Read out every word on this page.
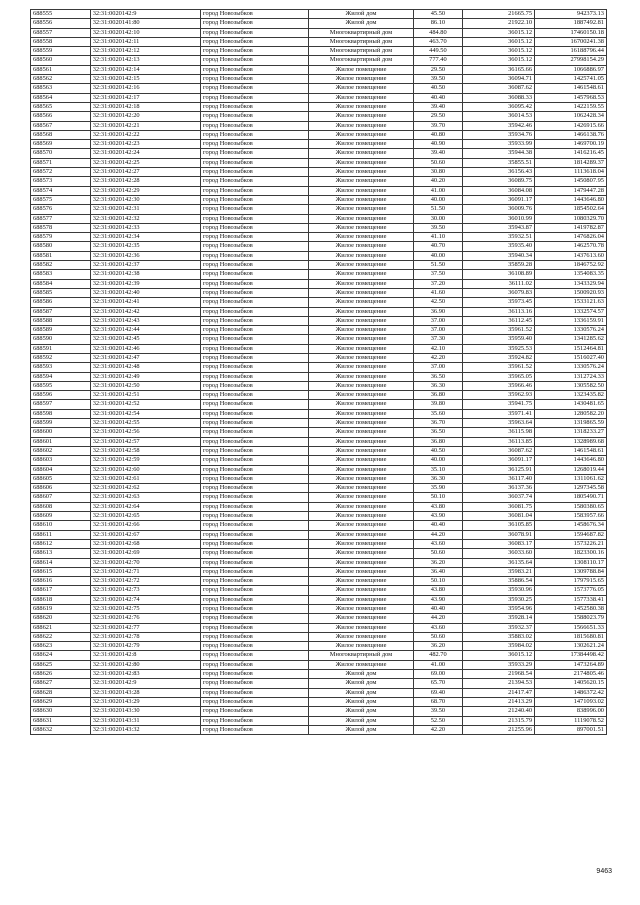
688555	32:31:0020142:9	город Новозыбков	Жилой дом	45.50	21665.75	942373.13
688556	32:31:0020141:80	город Новозыбков	Жилой дом	86.10	21922.10	1887492.81
688557	32:31:0020142:10	город Новозыбков	Многоквартирный дом	484.80	36015.12	17460150.18
688558	32:31:0020142:11	город Новозыбков	Многоквартирный дом	463.70	36015.12	16700241.38
688559	32:31:0020142:12	город Новозыбков	Многоквартирный дом	449.50	36015.12	16188796.44
688560	32:31:0020142:13	город Новозыбков	Многоквартирный дом	777.40	36015.12	27998154.29
688561	32:31:0020142:14	город Новозыбков	Жилое помещение	29.50	36165.66	1066886.97
688562	32:31:0020142:15	город Новозыбков	Жилое помещение	39.50	36094.71	1425741.05
688563	32:31:0020142:16	город Новозыбков	Жилое помещение	40.50	36087.62	1461548.61
688564	32:31:0020142:17	город Новозыбков	Жилое помещение	40.40	36088.33	1457968.53
688565	32:31:0020142:18	город Новозыбков	Жилое помещение	39.40	36095.42	1422159.55
688566	32:31:0020142:20	город Новозыбков	Жилое помещение	29.50	36014.53	1062428.34
688567	32:31:0020142:21	город Новозыбков	Жилое помещение	39.70	35942.46	1426915.66
688568	32:31:0020142:22	город Новозыбков	Жилое помещение	40.80	35934.76	1466138.76
688569	32:31:0020142:23	город Новозыбков	Жилое помещение	40.90	35933.99	1469700.19
688570	32:31:0020142:24	город Новозыбков	Жилое помещение	39.40	35944.38	1416216.45
688571	32:31:0020142:25	город Новозыбков	Жилое помещение	50.60	35855.51	1814289.37
688572	32:31:0020142:27	город Новозыбков	Жилое помещение	30.80	36156.43	1113618.04
688573	32:31:0020142:28	город Новозыбков	Жилое помещение	40.20	36089.75	1450807.95
688574	32:31:0020142:29	город Новозыбков	Жилое помещение	41.00	36084.08	1479447.28
688575	32:31:0020142:30	город Новозыбков	Жилое помещение	40.00	36091.17	1443646.80
688576	32:31:0020142:31	город Новозыбков	Жилое помещение	51.50	36009.76	1854502.64
688577	32:31:0020142:32	город Новозыбков	Жилое помещение	30.00	36010.99	1080329.70
688578	32:31:0020142:33	город Новозыбков	Жилое помещение	39.50	35943.87	1419782.87
688579	32:31:0020142:34	город Новозыбков	Жилое помещение	41.10	35932.51	1476826.04
688580	32:31:0020142:35	город Новозыбков	Жилое помещение	40.70	35935.40	1462570.78
688581	32:31:0020142:36	город Новозыбков	Жилое помещение	40.00	35940.34	1437613.60
688582	32:31:0020142:37	город Новозыбков	Жилое помещение	51.50	35859.28	1846752.92
688583	32:31:0020142:38	город Новозыбков	Жилое помещение	37.50	36108.89	1354083.35
688584	32:31:0020142:39	город Новозыбков	Жилое помещение	37.20	36111.02	1343329.94
688585	32:31:0020142:40	город Новозыбков	Жилое помещение	41.60	36079.83	1500920.93
688586	32:31:0020142:41	город Новозыбков	Жилое помещение	42.50	35973.45	1533121.63
688587	32:31:0020142:42	город Новозыбков	Жилое помещение	36.90	36113.16	1332574.57
688588	32:31:0020142:43	город Новозыбков	Жилое помещение	37.00	36112.45	1336159.91
688589	32:31:0020142:44	город Новозыбков	Жилое помещение	37.00	35961.52	1330576.24
688590	32:31:0020142:45	город Новозыбков	Жилое помещение	37.30	35959.40	1341285.62
688591	32:31:0020142:46	город Новозыбков	Жилое помещение	42.10	35925.53	1512464.81
688592	32:31:0020142:47	город Новозыбков	Жилое помещение	42.20	35924.82	1516027.40
688593	32:31:0020142:48	город Новозыбков	Жилое помещение	37.00	35961.52	1330576.24
688594	32:31:0020142:49	город Новозыбков	Жилое помещение	36.50	35965.05	1312724.33
688595	32:31:0020142:50	город Новозыбков	Жилое помещение	36.30	35966.46	1305582.50
688596	32:31:0020142:51	город Новозыбков	Жилое помещение	36.80	35962.93	1323435.82
688597	32:31:0020142:52	город Новозыбков	Жилое помещение	39.80	35941.75	1430481.65
688598	32:31:0020142:54	город Новозыбков	Жилое помещение	35.60	35971.41	1280582.20
688599	32:31:0020142:55	город Новозыбков	Жилое помещение	36.70	35963.64	1319865.59
688600	32:31:0020142:56	город Новозыбков	Жилое помещение	36.50	36115.98	1318233.27
688601	32:31:0020142:57	город Новозыбков	Жилое помещение	36.80	36113.85	1328989.68
688602	32:31:0020142:58	город Новозыбков	Жилое помещение	40.50	36087.62	1461548.61
688603	32:31:0020142:59	город Новозыбков	Жилое помещение	40.00	36091.17	1443646.80
688604	32:31:0020142:60	город Новозыбков	Жилое помещение	35.10	36125.91	1268019.44
688605	32:31:0020142:61	город Новозыбков	Жилое помещение	36.30	36117.40	1311061.62
688606	32:31:0020142:62	город Новозыбков	Жилое помещение	35.90	36137.36	1297345.58
688607	32:31:0020142:63	город Новозыбков	Жилое помещение	50.10	36037.74	1805490.71
688608	32:31:0020142:64	город Новозыбков	Жилое помещение	43.80	36081.75	1580380.65
688609	32:31:0020142:65	город Новозыбков	Жилое помещение	43.90	36081.04	1583957.66
688610	32:31:0020142:66	город Новозыбков	Жилое помещение	40.40	36105.85	1458676.34
688611	32:31:0020142:67	город Новозыбков	Жилое помещение	44.20	36078.91	1594687.82
688612	32:31:0020142:68	город Новозыбков	Жилое помещение	43.60	36083.17	1573226.21
688613	32:31:0020142:69	город Новозыбков	Жилое помещение	50.60	36033.60	1823300.16
688614	32:31:0020142:70	город Новозыбков	Жилое помещение	36.20	36135.64	1308110.17
688615	32:31:0020142:71	город Новозыбков	Жилое помещение	36.40	35983.21	1309788.84
688616	32:31:0020142:72	город Новозыбков	Жилое помещение	50.10	35886.54	1797915.65
688617	32:31:0020142:73	город Новозыбков	Жилое помещение	43.80	35930.96	1573776.05
688618	32:31:0020142:74	город Новозыбков	Жилое помещение	43.90	35930.25	1577338.41
688619	32:31:0020142:75	город Новозыбков	Жилое помещение	40.40	35954.96	1452580.38
688620	32:31:0020142:76	город Новозыбков	Жилое помещение	44.20	35928.14	1588023.79
688621	32:31:0020142:77	город Новозыбков	Жилое помещение	43.60	35932.37	1566651.33
688622	32:31:0020142:78	город Новозыбков	Жилое помещение	50.60	35883.02	1815680.81
688623	32:31:0020142:79	город Новозыбков	Жилое помещение	36.20	35984.02	1302621.24
688624	32:31:0020142:8	город Новозыбков	Многоквартирный дом	482.70	36015.12	17384498.42
688625	32:31:0020142:80	город Новозыбков	Жилое помещение	41.00	35933.29	1473264.89
688626	32:31:0020142:83	город Новозыбков	Жилой дом	69.00	21968.54	2174805.46
688627	32:31:0020142:9	город Новозыбков	Жилой дом	65.70	21394.53	1405620.15
688628	32:31:0020143:28	город Новозыбков	Жилой дом	69.40	21417.47	1486372.42
688629	32:31:0020143:29	город Новозыбков	Жилой дом	68.70	21413.29	1471093.02
688630	32:31:0020143:30	город Новозыбков	Жилой дом	39.50	21240.40	838996.00
688631	32:31:0020143:31	город Новозыбков	Жилой дом	52.50	21315.79	1119078.52
688632	32:31:0020143:32	город Новозыбков	Жилой дом	42.20	21255.96	897001.51
9463
